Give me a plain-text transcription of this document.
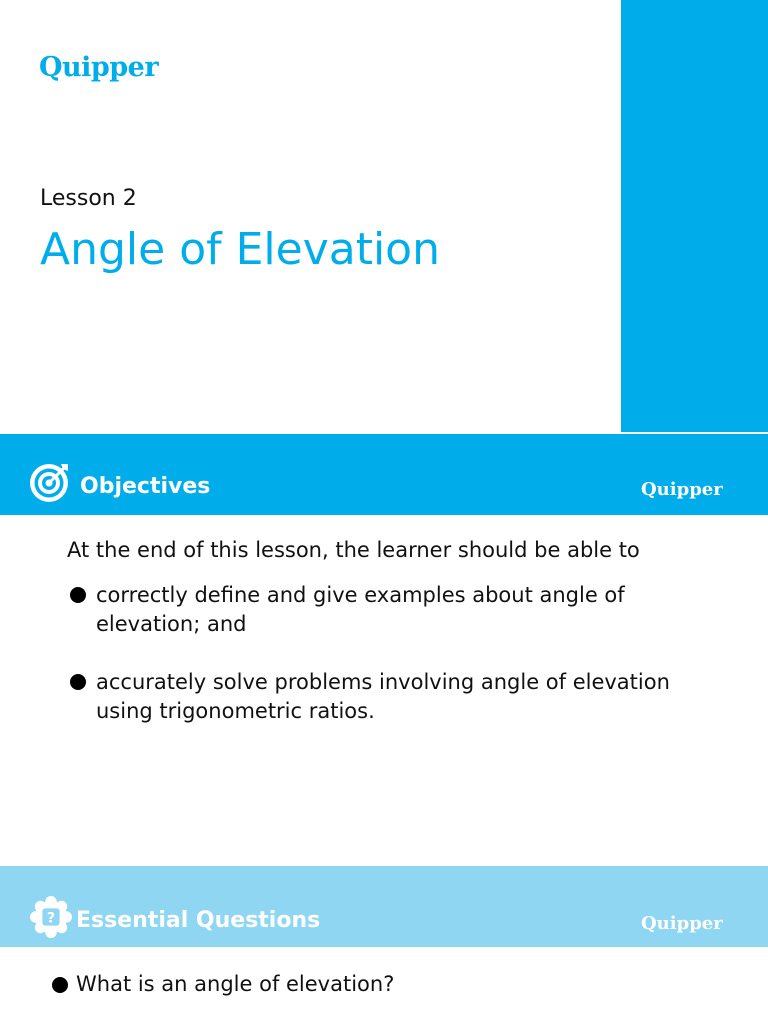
Quipper
Lesson 2
Angle of Elevation
Objectives	Quipper
At the end of this lesson, the learner should be able to
correctly define and give examples about angle of elevation; and
accurately solve problems involving angle of elevation using trigonometric ratios.
? Essential Questions	Quipper
What is an angle of elevation?
